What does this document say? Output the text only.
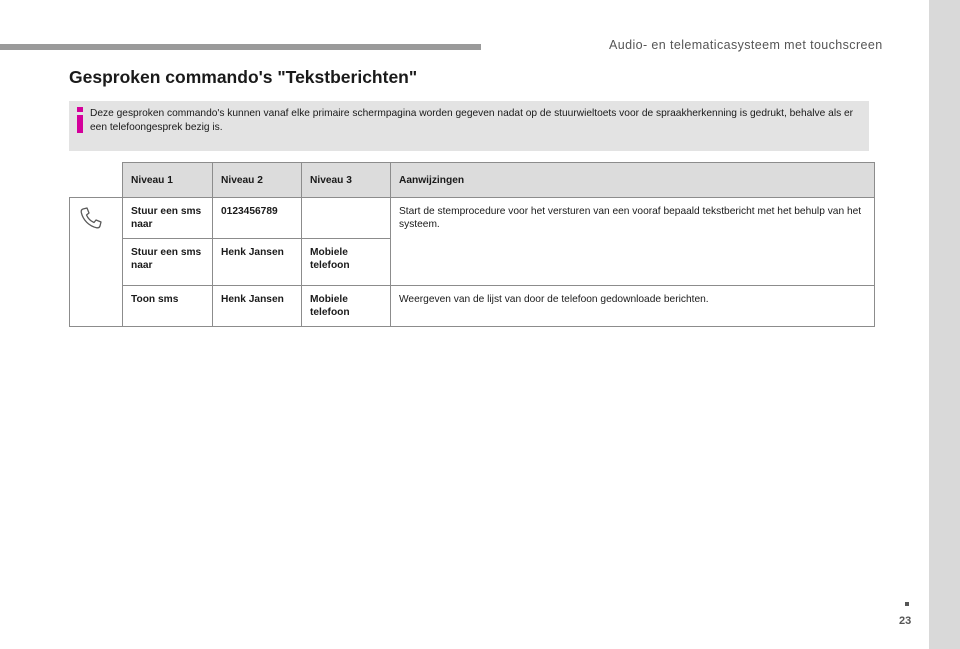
Audio- en telematicasysteem met touchscreen
Gesproken commando's "Tekstberichten"
Deze gesproken commando's kunnen vanaf elke primaire schermpagina worden gegeven nadat op de stuurwieltoets voor de spraakherkenning is gedrukt, behalve als er een telefoongesprek bezig is.
	Niveau 1	Niveau 2	Niveau 3	Aanwijzingen
	Stuur een sms naar	0123456789		Start de stemprocedure voor het versturen van een vooraf bepaald tekstbericht met het behulp van het systeem.
	Stuur een sms naar	Henk Jansen	Mobiele telefoon	
	Toon sms	Henk Jansen	Mobiele telefoon	Weergeven van de lijst van door de telefoon gedownloade berichten.
23
